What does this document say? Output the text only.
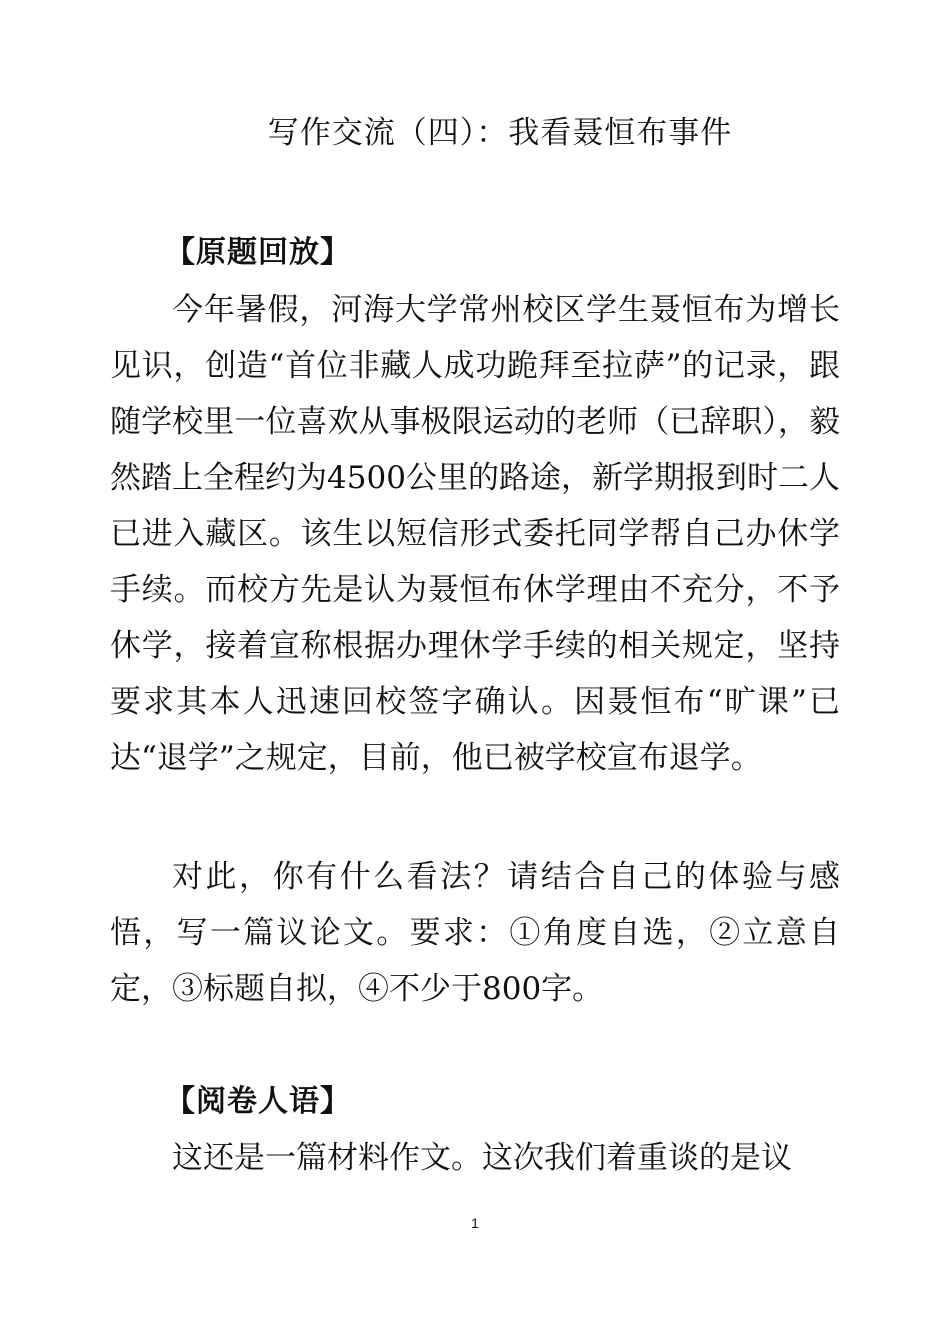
写作交流（四）：我看聂恒布事件
【原题回放】

今年暑假，河海大学常州校区学生聂恒布为增长见识，创造“首位非藏人成功跪拜至拉萨”的记录，跟随学校里一位喜欢从事极限运动的老师（已辞职），毅然踏上全程约为4500公里的路途，新学期报到时二人已进入藏区。该生以短信形式委托同学帮自己办休学手续。而校方先是认为聂恒布休学理由不充分，不予休学，接着宣称根据办理休学手续的相关规定，坚持要求其本人迅速回校签字确认。因聂恒布“旷课”已达“退学”之规定，目前，他已被学校宣布退学。

对此，你有什么看法？请结合自己的体验与感悟，写一篇议论文。要求：①角度自选，②立意自定，③标题自拟，④不少于800字。

【阅卷人语】

这还是一篇材料作文。这次我们着重谈的是议

1
